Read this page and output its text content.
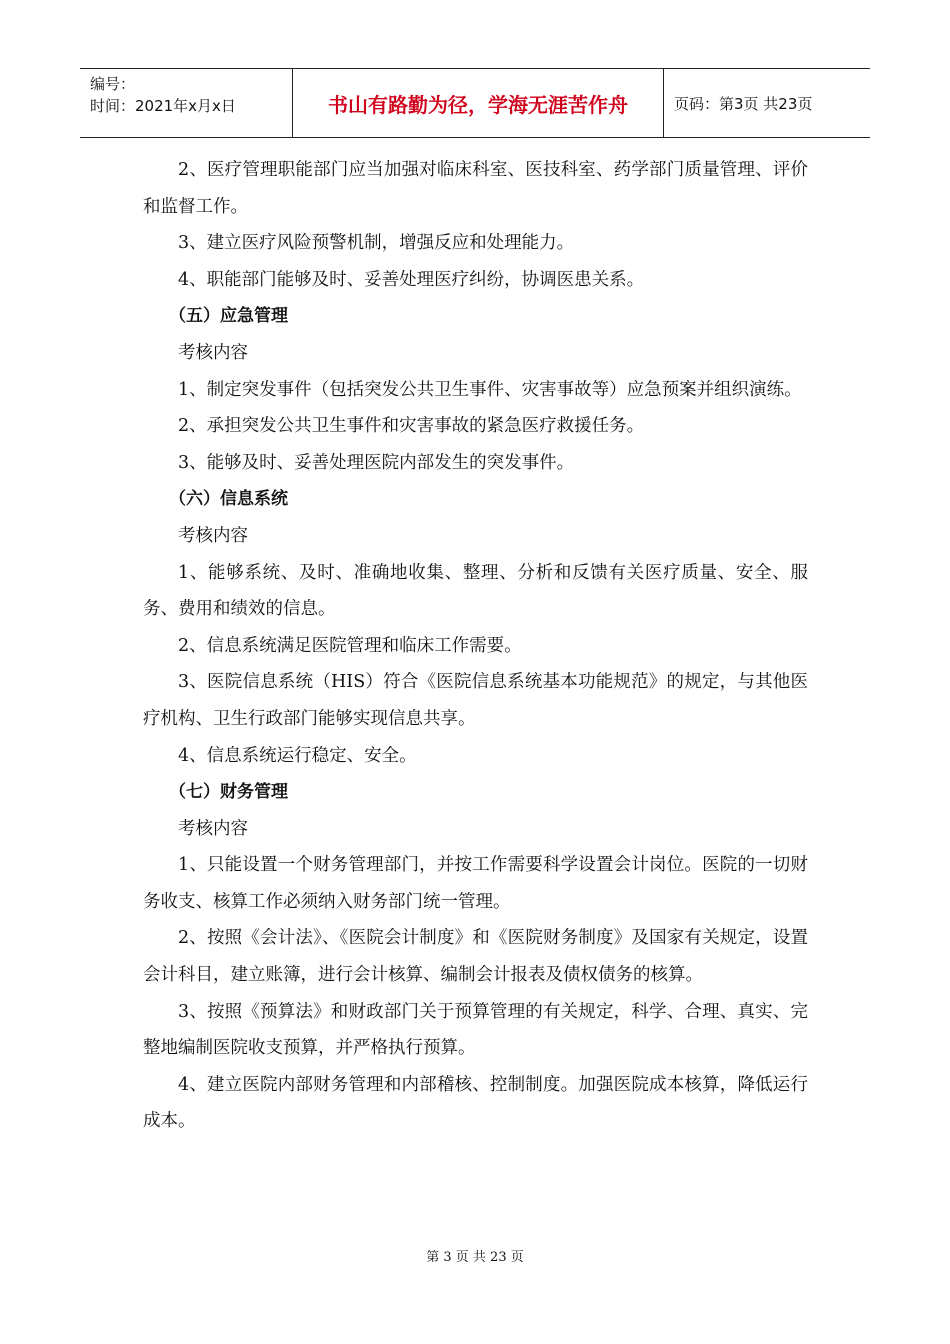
编号：
时间：2021年x月x日	书山有路勤为径，学海无涯苦作舟	页码：第3页 共23页

2、医疗管理职能部门应当加强对临床科室、医技科室、药学部门质量管理、评价和监督工作。

3、建立医疗风险预警机制，增强反应和处理能力。

4、职能部门能够及时、妥善处理医疗纠纷，协调医患关系。

（五）应急管理

考核内容

1、制定突发事件（包括突发公共卫生事件、灾害事故等）应急预案并组织演练。

2、承担突发公共卫生事件和灾害事故的紧急医疗救援任务。

3、能够及时、妥善处理医院内部发生的突发事件。

（六）信息系统

考核内容

1、能够系统、及时、准确地收集、整理、分析和反馈有关医疗质量、安全、服务、费用和绩效的信息。

2、信息系统满足医院管理和临床工作需要。

3、医院信息系统（HIS）符合《医院信息系统基本功能规范》的规定，与其他医疗机构、卫生行政部门能够实现信息共享。

4、信息系统运行稳定、安全。

（七）财务管理

考核内容

1、只能设置一个财务管理部门，并按工作需要科学设置会计岗位。医院的一切财务收支、核算工作必须纳入财务部门统一管理。

2、按照《会计法》、《医院会计制度》和《医院财务制度》及国家有关规定，设置会计科目，建立账簿，进行会计核算、编制会计报表及债权债务的核算。

3、按照《预算法》和财政部门关于预算管理的有关规定，科学、合理、真实、完整地编制医院收支预算，并严格执行预算。

4、建立医院内部财务管理和内部稽核、控制制度。加强医院成本核算，降低运行成本。

第 3 页 共 23 页
